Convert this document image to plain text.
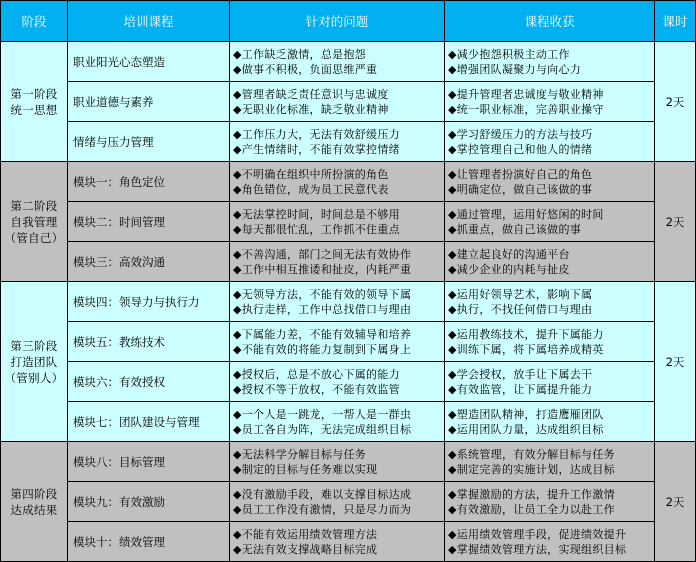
阶段	培训课程	针对的问题	课程收获	课时

第一阶段
统一思想	职业阳光心态塑造	◆工作缺乏激情，总是抱怨
◆做事不积极，负面思维严重	◆减少抱怨积极主动工作
◆增强团队凝聚力与向心力	2天
	职业道德与素养	◆管理者缺乏责任意识与忠诚度
◆无职业化标准，缺乏敬业精神	◆提升管理者忠诚度与敬业精神
◆统一职业标准，完善职业操守	

	情绪与压力管理	◆工作压力大，无法有效舒缓压力
◆产生情绪时，不能有效掌控情绪	◆学习舒缓压力的方法与技巧
◆掌控管理自己和他人的情绪	

第二阶段
自我管理
（管自己）	模块一：角色定位	◆不明确在组织中所扮演的角色
◆角色错位，成为员工民意代表	◆让管理者扮演好自己的角色
◆明确定位，做自己该做的事	2天
	模块二：时间管理	◆无法掌控时间，时间总是不够用
◆每天都很忙乱，工作抓不住重点	◆通过管理，运用好悠闲的时间
◆抓重点，做自己该做的事	

	模块三：高效沟通	◆不善沟通，部门之间无法有效协作
◆工作中相互推诿和扯皮，内耗严重	◆建立起良好的沟通平台
◆减少企业的内耗与扯皮	

第三阶段
打造团队
（管别人）	模块四：领导力与执行力	◆无领导方法，不能有效的领导下属
◆执行走样，工作中总找借口与理由	◆运用好领导艺术，影响下属
◆执行，不找任何借口与理由	2天
	模块五：教练技术	◆下属能力差，不能有效辅导和培养
◆不能有效的将能力复制到下属身上	◆运用教练技术，提升下属能力
◆训练下属，将下属培养成精英	

	模块六：有效授权	◆授权后，总是不放心下属的能力
◆授权不等于放权，不能有效监管	◆学会授权，放手让下属去干
◆有效监管，让下属提升能力	

	模块七：团队建设与管理	◆一个人是一跳龙，一帮人是一群虫
◆员工各自为阵，无法完成组织目标	◆塑造团队精神，打造鹰雁团队
◆运用团队力量，达成组织目标	

第四阶段
达成结果	模块八：目标管理	◆无法科学分解目标与任务
◆制定的目标与任务难以实现	◆系统管理，有效分解目标与任务
◆制定完善的实施计划，达成目标	2天
	模块九：有效激励	◆没有激励手段，难以支撑目标达成
◆员工工作没有激情，只是尽力而为	◆掌握激励的方法，提升工作激情
◆有效激励，让员工全力以赴工作	

	模块十：绩效管理	◆不能有效运用绩效管理方法
◆无法有效支撑战略目标完成	◆运用绩效管理手段，促进绩效提升
◆掌握绩效管理方法，实现组织目标	
